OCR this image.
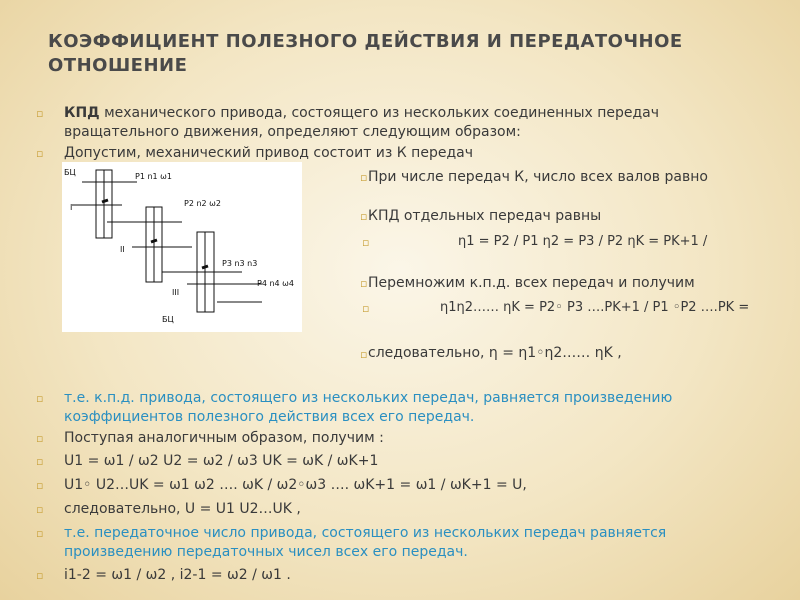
КОЭФФИЦИЕНТ ПОЛЕЗНОГО ДЕЙСТВИЯ И ПЕРЕДАТОЧНОЕ ОТНОШЕНИЕ
▫ КПД механического привода, состоящего из нескольких соединенных передач
вращательного движения, определяют следующим образом:
▫ Допустим, механический привод состоит из К передач
БЦ
I
II
III
P1 n1 ω1
P2 n2 ω2
P3 n3 n3
P4 n4 ω4
БЦ
▫ При числе передач К, число всех валов равно
▫ КПД отдельных передач равны
▫	η1 = P2 / P1 η2 = P3 / P2 ηK = PK+1 /
▫ Перемножим к.п.д. всех передач и получим
▫	η1η2…… ηK = P2◦ P3 ….PK+1 / P1 ◦P2 ….PK =
▫ следовательно, η = η1◦η2…… ηK ,
▫ т.е. к.п.д. привода, состоящего из нескольких передач, равняется произведению
коэффициентов полезного действия всех его передач.
▫ Поступая аналогичным образом, получим :
▫ U1 = ω1 / ω2 U2 = ω2 / ω3 UK = ωK / ωK+1
▫ U1◦ U2…UK = ω1 ω2 …. ωK / ω2◦ω3 …. ωK+1 = ω1 / ωK+1 = U,
▫ следовательно, U = U1 U2…UK ,
▫ т.е. передаточное число привода, состоящего из нескольких передач равняется
произведению передаточных чисел всех его передач.
▫ i1-2 = ω1 / ω2 , i2-1 = ω2 / ω1 .
